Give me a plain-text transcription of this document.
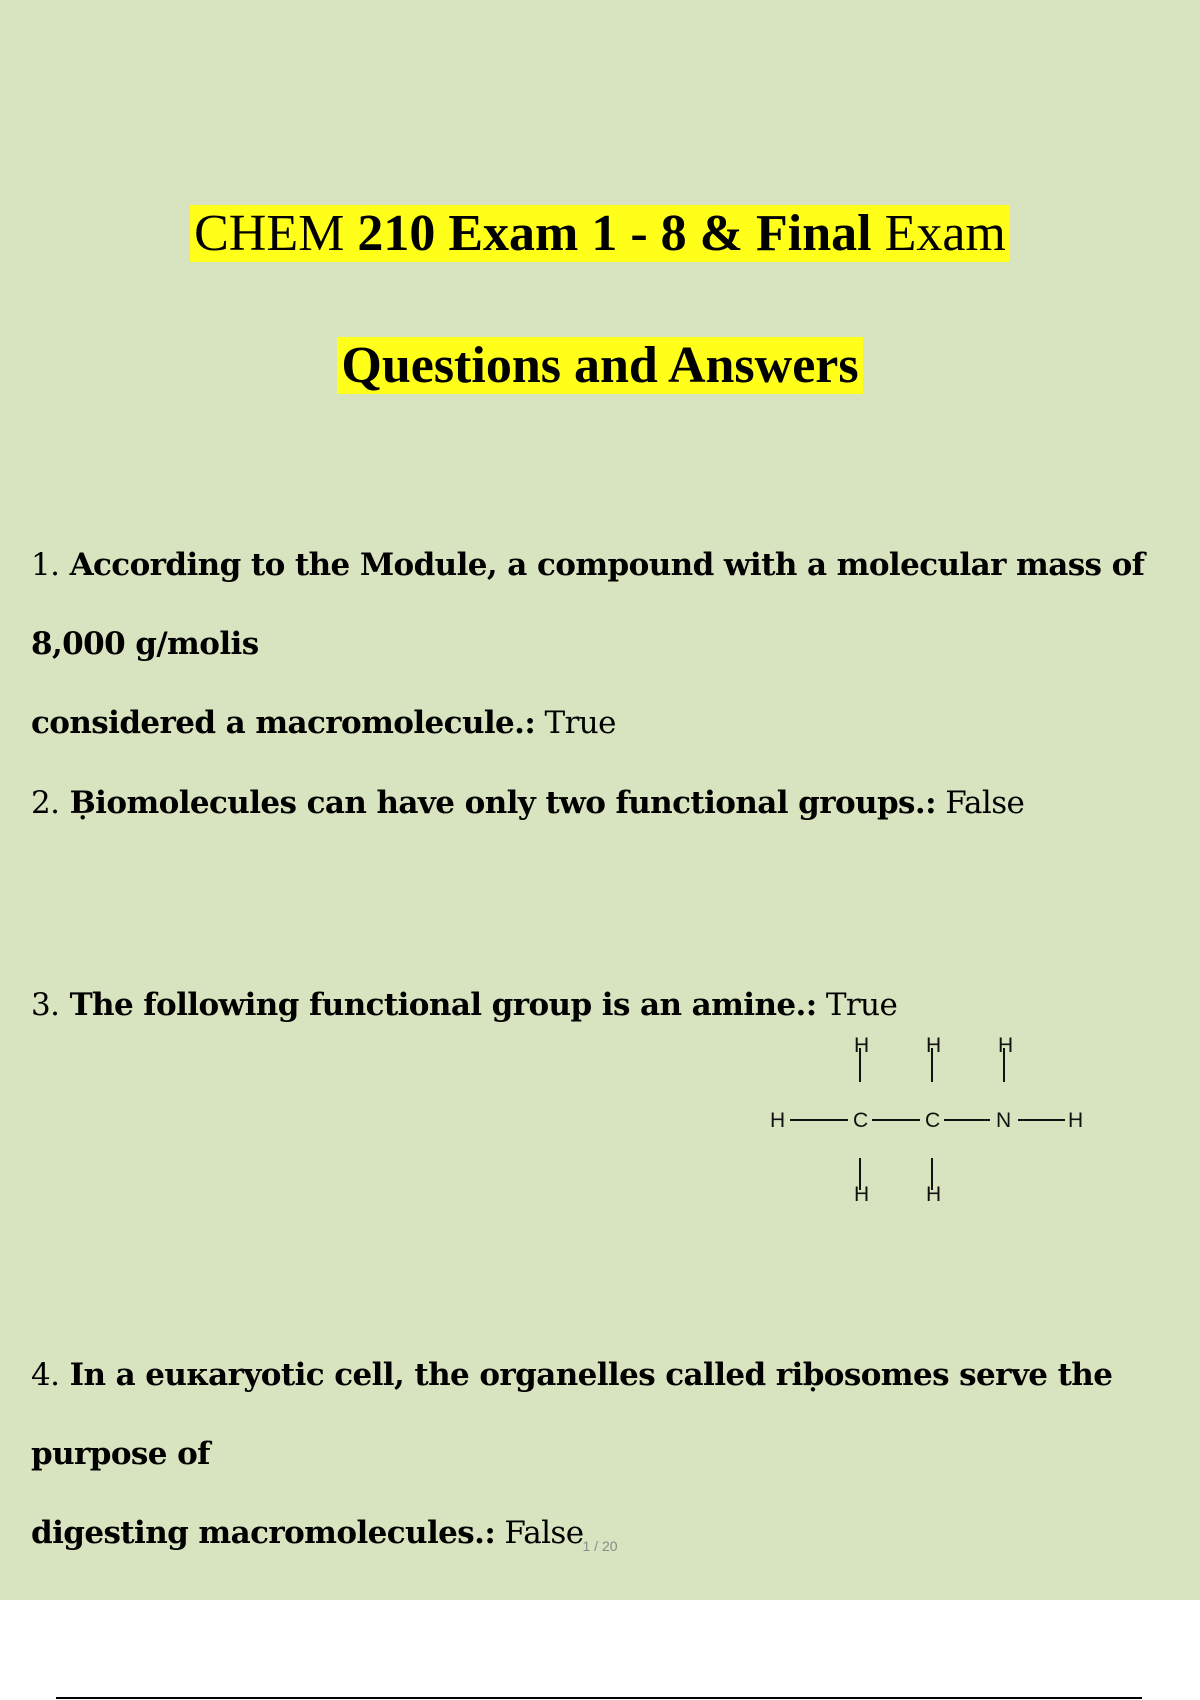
CHEM 210 Exam 1 - 8 & Final Exam
Questions and Answers
1. According to the Module, a compound with a molecular mass of 8,000 g/molis
considered a macromolecule.: True
2. Ḅiomolecules can have only two functional groups.: False
3. The following functional group is an amine.: True
H	H	H
H	C	C	N	H
H	H
4. In a euкaryotic cell, the organelles called riḅosomes serve the purpose of
digesting macromolecules.: False 1 / 20
